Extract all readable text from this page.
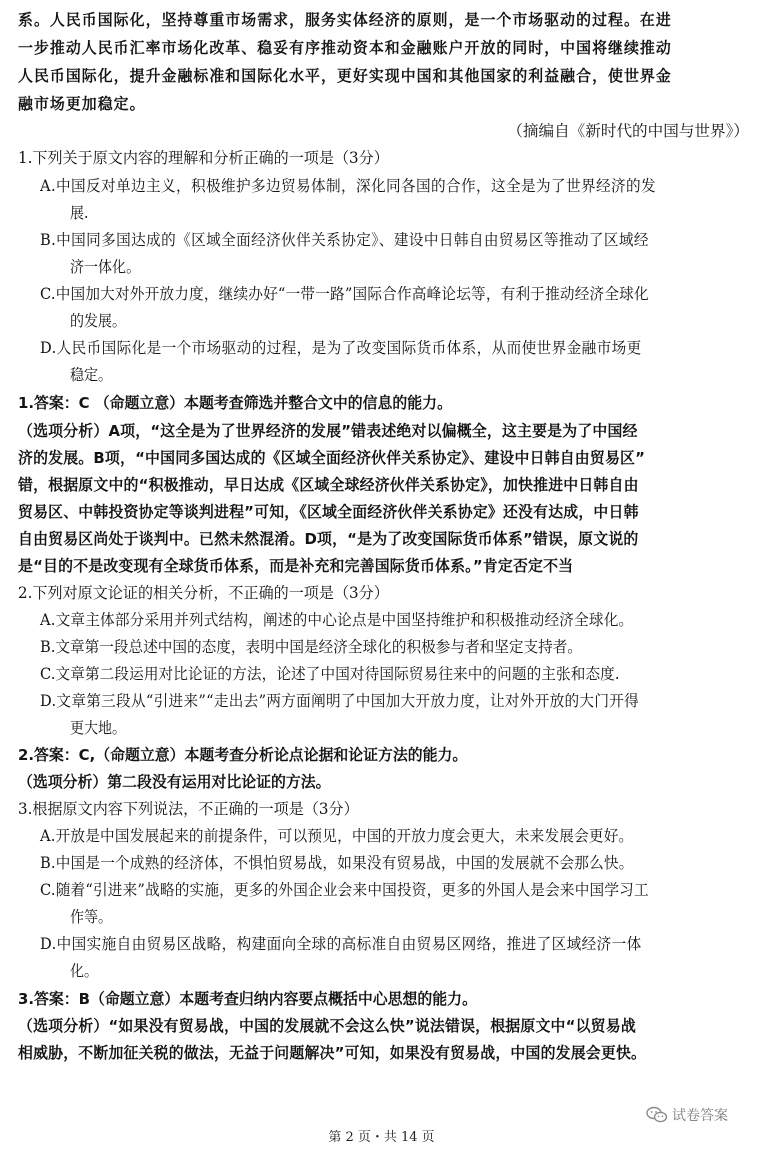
系。人民币国际化，坚持尊重市场需求，服务实体经济的原则，是一个市场驱动的过程。在进
一步推动人民币汇率市场化改革、稳妥有序推动资本和金融账户开放的同时，中国将继续推动
人民币国际化，提升金融标准和国际化水平，更好实现中国和其他国家的利益融合，使世界金
融市场更加稳定。
（摘编自《新时代的中国与世界》）
1.下列关于原文内容的理解和分析正确的一项是（3分）
A.中国反对单边主义，积极维护多边贸易体制，深化同各国的合作，这全是为了世界经济的发
展.
B.中国同多国达成的《区域全面经济伙伴关系协定》、建设中日韩自由贸易区等推动了区域经
济一体化。
C.中国加大对外开放力度，继续办好“一带一路”国际合作高峰论坛等，有利于推动经济全球化
的发展。
D.人民币国际化是一个市场驱动的过程，是为了改变国际货币体系，从而使世界金融市场更
稳定。
1.答案：C （命题立意）本题考查筛选并整合文中的信息的能力。
（选项分析）A项，“这全是为了世界经济的发展”错表述绝对以偏概全，这主要是为了中国经
济的发展。B项，“中国同多国达成的《区域全面经济伙伴关系协定》、建设中日韩自由贸易区”
错，根据原文中的“积极推动，早日达成《区域全球经济伙伴关系协定》，加快推进中日韩自由
贸易区、中韩投资协定等谈判进程”可知，《区域全面经济伙伴关系协定》还没有达成，中日韩
自由贸易区尚处于谈判中。已然未然混淆。D项，“是为了改变国际货币体系”错误，原文说的
是“目的不是改变现有全球货币体系，而是补充和完善国际货币体系。”肯定否定不当
2.下列对原文论证的相关分析，不正确的一项是（3分）
A.文章主体部分采用并列式结构，阐述的中心论点是中国坚持维护和积极推动经济全球化。
B.文章第一段总述中国的态度，表明中国是经济全球化的积极参与者和坚定支持者。
C.文章第二段运用对比论证的方法，论述了中国对待国际贸易往来中的问题的主张和态度.
D.文章第三段从“引进来”“走出去”两方面阐明了中国加大开放力度，让对外开放的大门开得
更大地。
2.答案：C,（命题立意）本题考查分析论点论据和论证方法的能力。
（选项分析）第二段没有运用对比论证的方法。
3.根据原文内容下列说法，不正确的一项是（3分）
A.开放是中国发展起来的前提条件，可以预见，中国的开放力度会更大，未来发展会更好。
B.中国是一个成熟的经济体，不惧怕贸易战，如果没有贸易战，中国的发展就不会那么快。
C.随着“引进来”战略的实施，更多的外国企业会来中国投资，更多的外国人是会来中国学习工
作等。
D.中国实施自由贸易区战略，构建面向全球的高标准自由贸易区网络，推进了区域经济一体
化。
3.答案：B（命题立意）本题考查归纳内容要点概括中心思想的能力。
（选项分析）“如果没有贸易战，中国的发展就不会这么快”说法错误，根据原文中“以贸易战
相威胁，不断加征关税的做法，无益于问题解决”可知，如果没有贸易战，中国的发展会更快。
试卷答案
第 2 页・共 14 页
